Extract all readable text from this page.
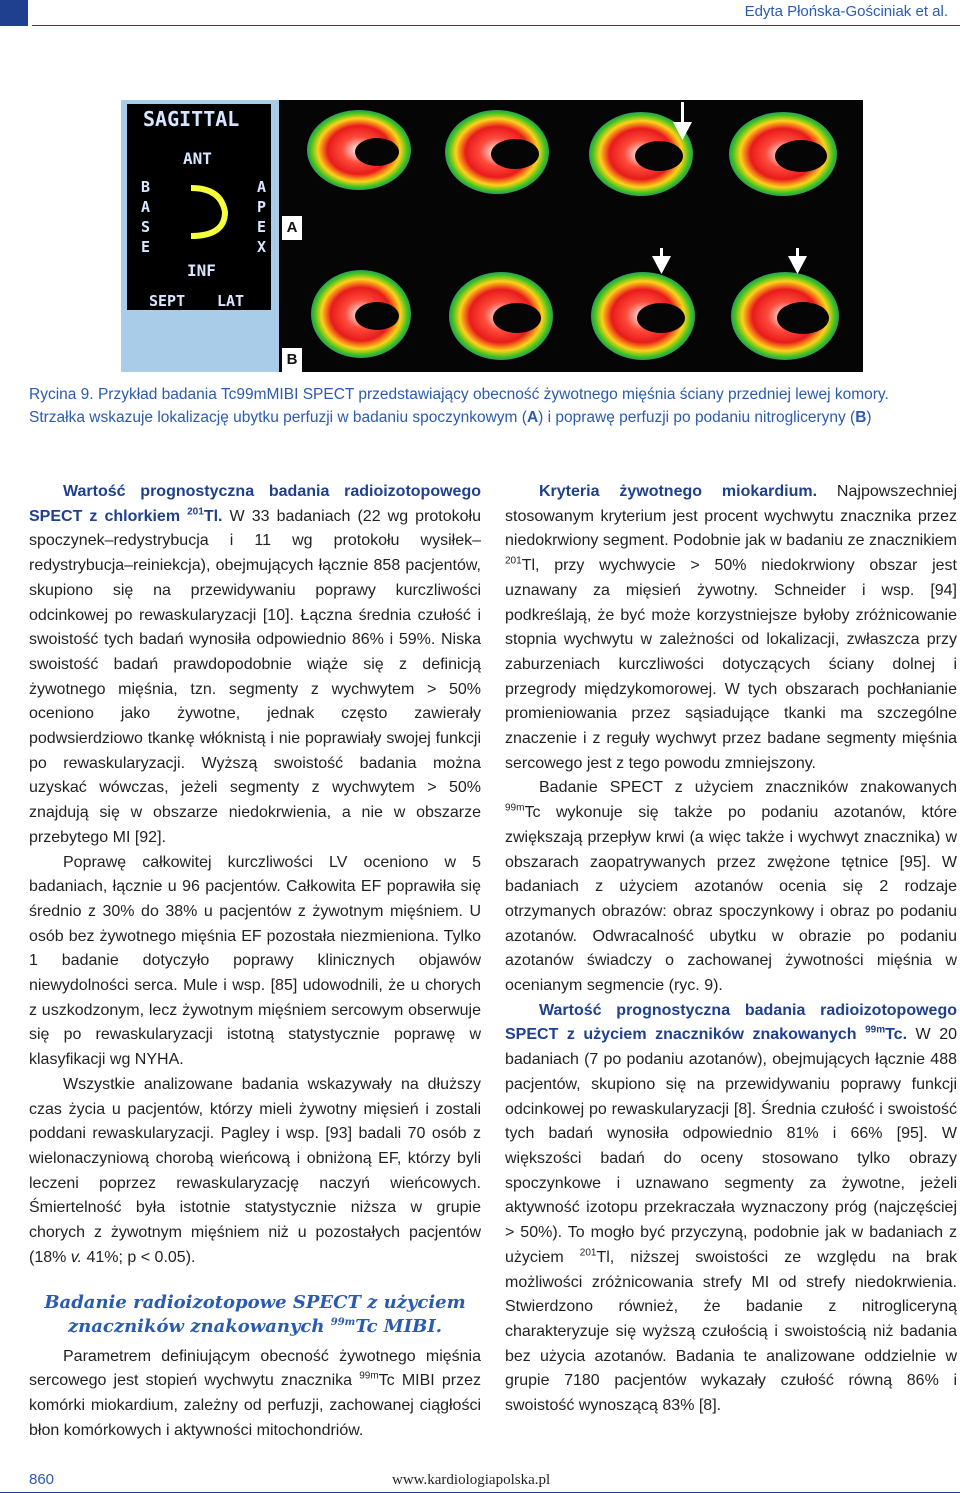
Edyta Płońska-Gościniak et al.
SAGITTAL
ANT
INF
SEPT LAT
B
A
S
E
A
P
E
X
A
B
Rycina 9. Przykład badania Tc99mMIBI SPECT przedstawiający obecność żywotnego mięśnia ściany przedniej lewej komory.
Strzałka wskazuje lokalizację ubytku perfuzji w badaniu spoczynkowym (A) i poprawę perfuzji po podaniu nitrogliceryny (B)

Wartość prognostyczna badania radioizotopowego SPECT z chlorkiem $^{201}$Tl. W 33 badaniach (22 wg protokołu spoczynek–redystrybucja i 11 wg protokołu wysiłek–redystrybucja–reiniekcja), obejmujących łącznie 858 pacjentów, skupiono się na przewidywaniu poprawy kurczliwości odcinkowej po rewaskularyzacji [10]. Łączna średnia czułość i swoistość tych badań wynosiła odpowiednio 86% i 59%. Niska swoistość badań prawdopodobnie wiąże się z definicją żywotnego mięśnia, tzn. segmenty z wychwytem > 50% oceniono jako żywotne, jednak często zawierały podwsierdziowo tkankę włóknistą i nie poprawiały swojej funkcji po rewaskularyzacji. Wyższą swoistość badania można uzyskać wówczas, jeżeli segmenty z wychwytem > 50% znajdują się w obszarze niedokrwienia, a nie w obszarze przebytego MI [92].

Poprawę całkowitej kurczliwości LV oceniono w 5 badaniach, łącznie u 96 pacjentów. Całkowita EF poprawiła się średnio z 30% do 38% u pacjentów z żywotnym mięśniem. U osób bez żywotnego mięśnia EF pozostała niezmieniona. Tylko 1 badanie dotyczyło poprawy klinicznych objawów niewydolności serca. Mule i wsp. [85] udowodnili, że u chorych z uszkodzonym, lecz żywotnym mięśniem sercowym obserwuje się po rewaskularyzacji istotną statystycznie poprawę w klasyfikacji wg NYHA.

Wszystkie analizowane badania wskazywały na dłuższy czas życia u pacjentów, którzy mieli żywotny mięsień i zostali poddani rewaskularyzacji. Pagley i wsp. [93] badali 70 osób z wielonaczyniową chorobą wieńcową i obniżoną EF, którzy byli leczeni poprzez rewaskularyzację naczyń wieńcowych. Śmiertelność była istotnie statystycznie niższa w grupie chorych z żywotnym mięśniem niż u pozostałych pacjentów (18% v. 41%; p < 0.05).

Badanie radioizotopowe SPECT z użyciem
znaczników znakowanych $^{99m}$Tc MIBI.

Parametrem definiującym obecność żywotnego mięśnia sercowego jest stopień wychwytu znacznika $^{99m}$Tc MIBI przez komórki miokardium, zależny od perfuzji, zachowanej ciągłości błon komórkowych i aktywności mitochondriów.

Kryteria żywotnego miokardium. Najpowszechniej stosowanym kryterium jest procent wychwytu znacznika przez niedokrwiony segment. Podobnie jak w badaniu ze znacznikiem $^{201}$Tl, przy wychwycie > 50% niedokrwiony obszar jest uznawany za mięsień żywotny. Schneider i wsp. [94] podkreślają, że być może korzystniejsze byłoby zróżnicowanie stopnia wychwytu w zależności od lokalizacji, zwłaszcza przy zaburzeniach kurczliwości dotyczących ściany dolnej i przegrody międzykomorowej. W tych obszarach pochłanianie promieniowania przez sąsiadujące tkanki ma szczególne znaczenie i z reguły wychwyt przez badane segmenty mięśnia sercowego jest z tego powodu zmniejszony.

Badanie SPECT z użyciem znaczników znakowanych $^{99m}$Tc wykonuje się także po podaniu azotanów, które zwiększają przepływ krwi (a więc także i wychwyt znacznika) w obszarach zaopatrywanych przez zwężone tętnice [95]. W badaniach z użyciem azotanów ocenia się 2 rodzaje otrzymanych obrazów: obraz spoczynkowy i obraz po podaniu azotanów. Odwracalność ubytku w obrazie po podaniu azotanów świadczy o zachowanej żywotności mięśnia w ocenianym segmencie (ryc. 9).

Wartość prognostyczna badania radioizotopowego SPECT z użyciem znaczników znakowanych $^{99m}$Tc. W 20 badaniach (7 po podaniu azotanów), obejmujących łącznie 488 pacjentów, skupiono się na przewidywaniu poprawy funkcji odcinkowej po rewaskularyzacji [8]. Średnia czułość i swoistość tych badań wynosiła odpowiednio 81% i 66% [95]. W większości badań do oceny stosowano tylko obrazy spoczynkowe i uznawano segmenty za żywotne, jeżeli aktywność izotopu przekraczała wyznaczony próg (najczęściej > 50%). To mogło być przyczyną, podobnie jak w badaniach z użyciem $^{201}$Tl, niższej swoistości ze względu na brak możliwości zróżnicowania strefy MI od strefy niedokrwienia. Stwierdzono również, że badanie z nitrogliceryną charakteryzuje się wyższą czułością i swoistością niż badania bez użycia azotanów. Badania te analizowane oddzielnie w grupie 7180 pacjentów wykazały czułość równą 86% i swoistość wynoszącą 83% [8].

860	www.kardiologiapolska.pl
